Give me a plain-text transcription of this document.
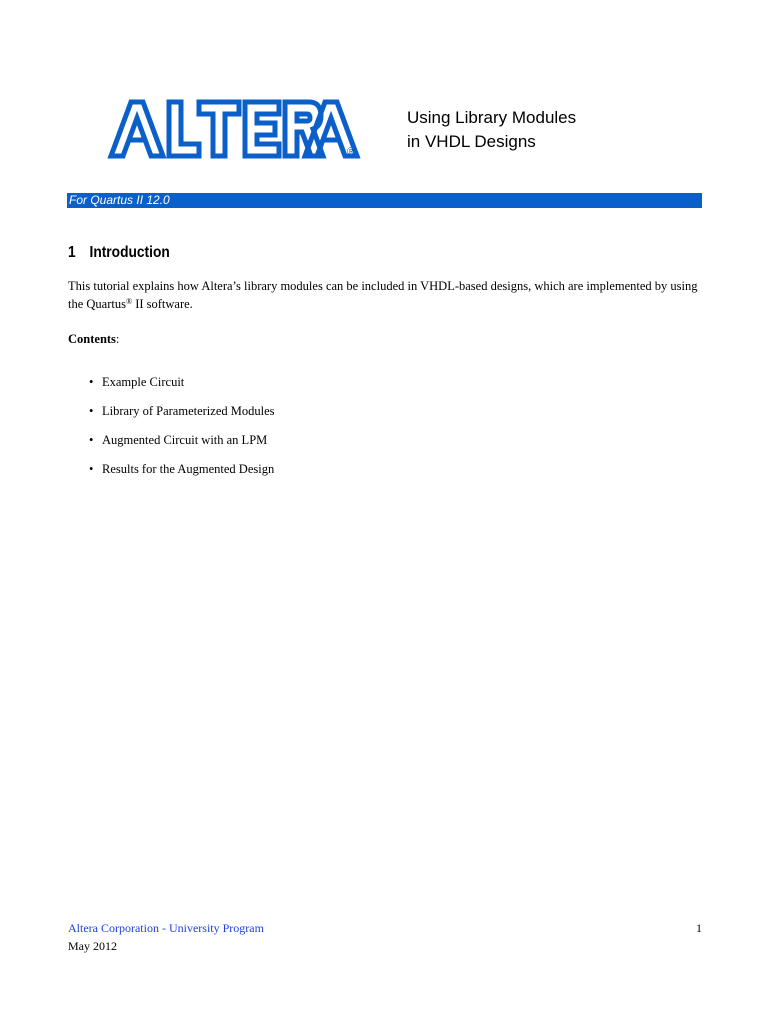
®
Using Library Modules
in VHDL Designs
For Quartus II 12.0
1 Introduction
This tutorial explains how Altera’s library modules can be included in VHDL-based designs, which are implemented by using the Quartus® II software.
Contents:
• Example Circuit
• Library of Parameterized Modules
• Augmented Circuit with an LPM
• Results for the Augmented Design
Altera Corporation - University Program
May 2012
1
